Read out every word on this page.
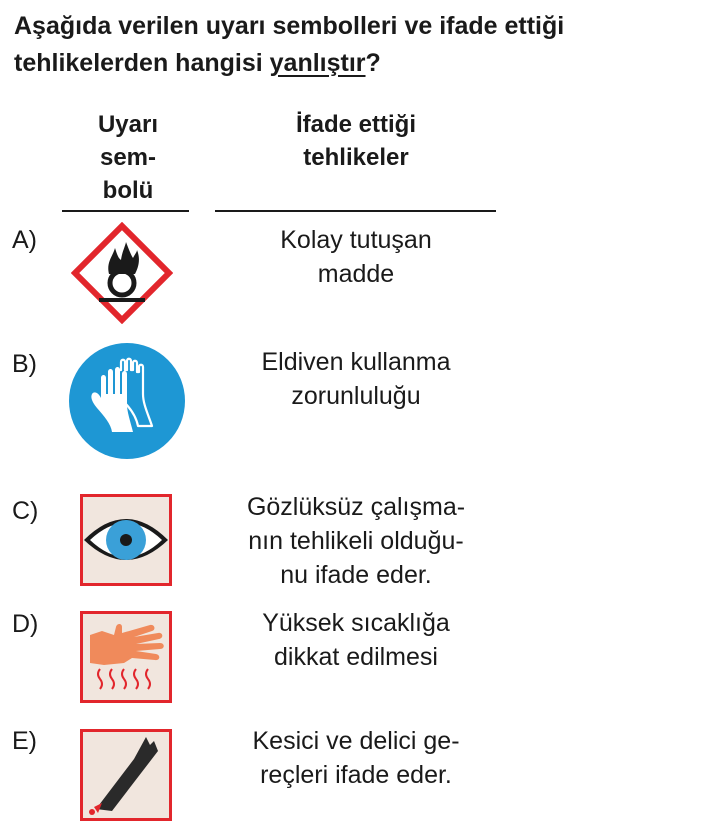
Aşağıda verilen uyarı sembolleri ve ifade ettiği tehlikelerden hangisi yanlıştır?

Uyarı
sem-
bolü
İfade ettiği
tehlikeler
A)	Kolay tutuşan
madde
B)	Eldiven kullanma
zorunluluğu
C)	Gözlüksüz çalışma-
nın tehlikeli olduğu-
nu ifade eder.
D)	Yüksek sıcaklığa
dikkat edilmesi
E)	Kesici ve delici ge-
reçleri ifade eder.
